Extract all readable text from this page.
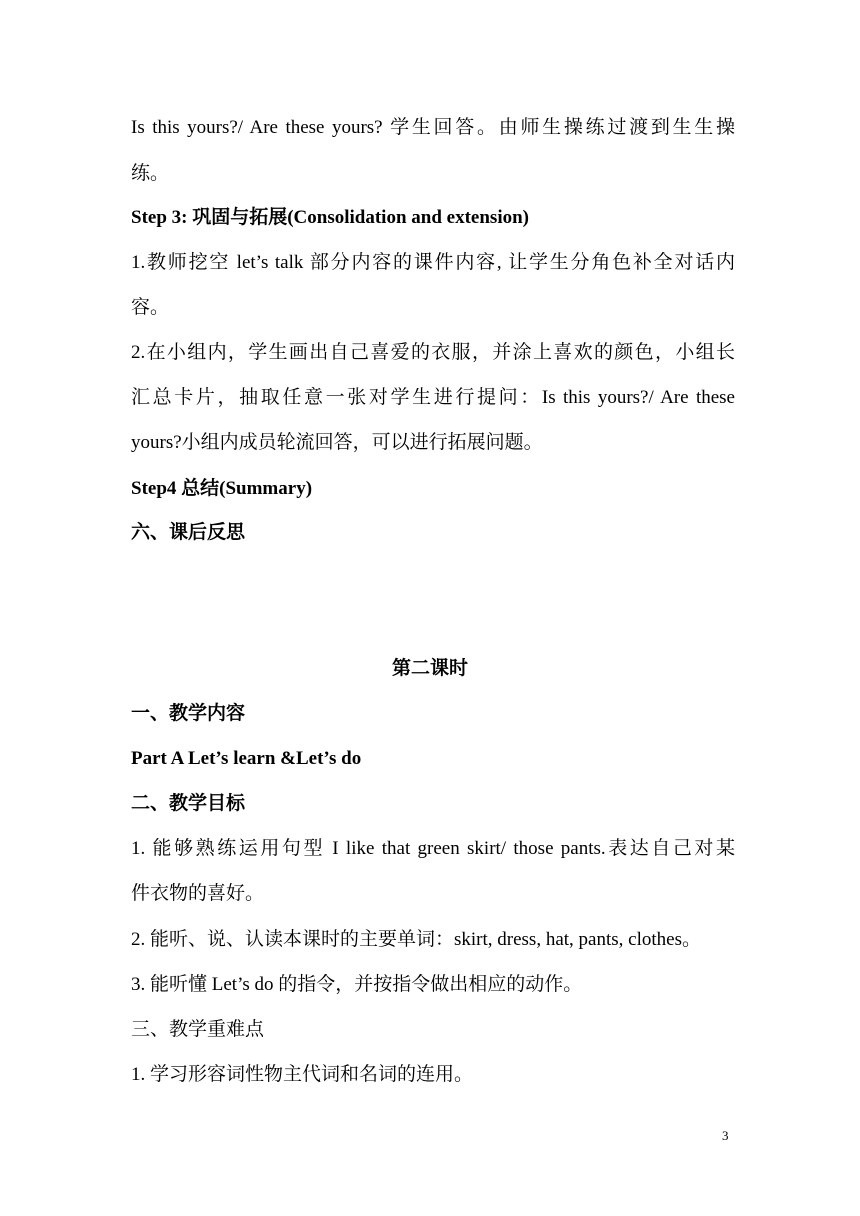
Is this yours?/ Are these yours? 学生回答。由师生操练过渡到生生操
练。
Step 3: 巩固与拓展(Consolidation and extension)
1.教师挖空 let’s talk 部分内容的课件内容, 让学生分角色补全对话内
容。
2.在小组内，学生画出自己喜爱的衣服，并涂上喜欢的颜色，小组长
汇总卡片，抽取任意一张对学生进行提问：Is this yours?/ Are these
yours?小组内成员轮流回答，可以进行拓展问题。
Step4 总结(Summary)
六、课后反思
第二课时
一、教学内容
Part A Let’s learn &Let’s do
二、教学目标
1. 能够熟练运用句型 I like that green skirt/ those pants.表达自己对某
件衣物的喜好。
2. 能听、说、认读本课时的主要单词：skirt, dress, hat, pants, clothes。
3. 能听懂 Let’s do 的指令，并按指令做出相应的动作。
三、教学重难点
1. 学习形容词性物主代词和名词的连用。
3
